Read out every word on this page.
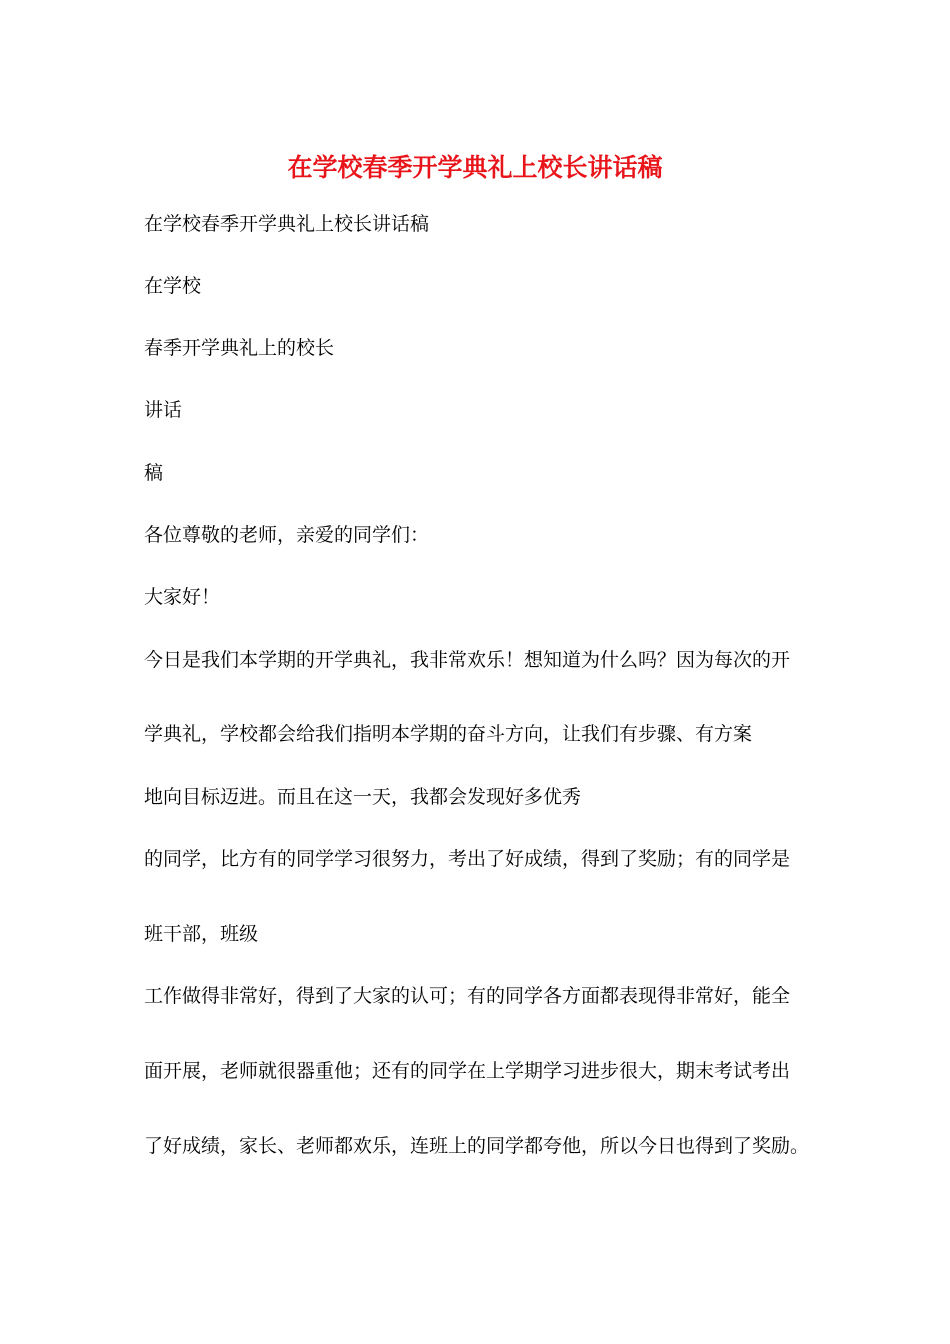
在学校春季开学典礼上校长讲话稿

在学校春季开学典礼上校长讲话稿

在学校

春季开学典礼上的校长

讲话

稿

各位尊敬的老师，亲爱的同学们：

大家好！

今日是我们本学期的开学典礼，我非常欢乐！想知道为什么吗？因为每次的开

学典礼，学校都会给我们指明本学期的奋斗方向，让我们有步骤、有方案

地向目标迈进。而且在这一天，我都会发现好多优秀

的同学，比方有的同学学习很努力，考出了好成绩，得到了奖励；有的同学是

班干部，班级

工作做得非常好，得到了大家的认可；有的同学各方面都表现得非常好，能全

面开展，老师就很器重他；还有的同学在上学期学习进步很大，期末考试考出

了好成绩，家长、老师都欢乐，连班上的同学都夸他，所以今日也得到了奖励。
